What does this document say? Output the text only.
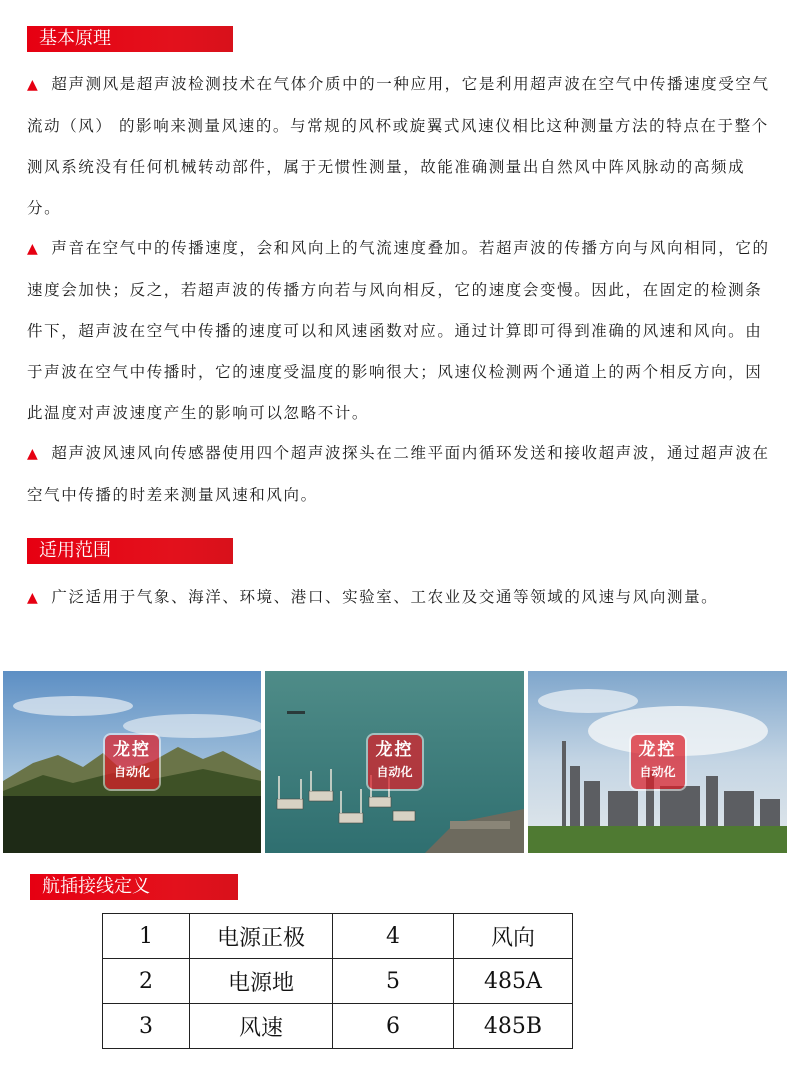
基本原理
▲ 超声测风是超声波检测技术在气体介质中的一种应用，它是利用超声波在空气中传播速度受空气流动（风） 的影响来测量风速的。与常规的风杯或旋翼式风速仪相比这种测量方法的特点在于整个测风系统没有任何机械转动部件，属于无惯性测量，故能准确测量出自然风中阵风脉动的高频成分。
▲ 声音在空气中的传播速度，会和风向上的气流速度叠加。若超声波的传播方向与风向相同，它的速度会加快；反之，若超声波的传播方向若与风向相反，它的速度会变慢。因此，在固定的检测条件下，超声波在空气中传播的速度可以和风速函数对应。通过计算即可得到准确的风速和风向。由于声波在空气中传播时，它的速度受温度的影响很大；风速仪检测两个通道上的两个相反方向，因此温度对声波速度产生的影响可以忽略不计。
▲ 超声波风速风向传感器使用四个超声波探头在二维平面内循环发送和接收超声波，通过超声波在空气中传播的时差来测量风速和风向。
适用范围
▲ 广泛适用于气象、海洋、环境、港口、实验室、工农业及交通等领域的风速与风向测量。
龙控
自动化
龙控
自动化
龙控
自动化
航插接线定义
1	电源正极	4	风向
2	电源地	5	485A
3	风速	6	485B
